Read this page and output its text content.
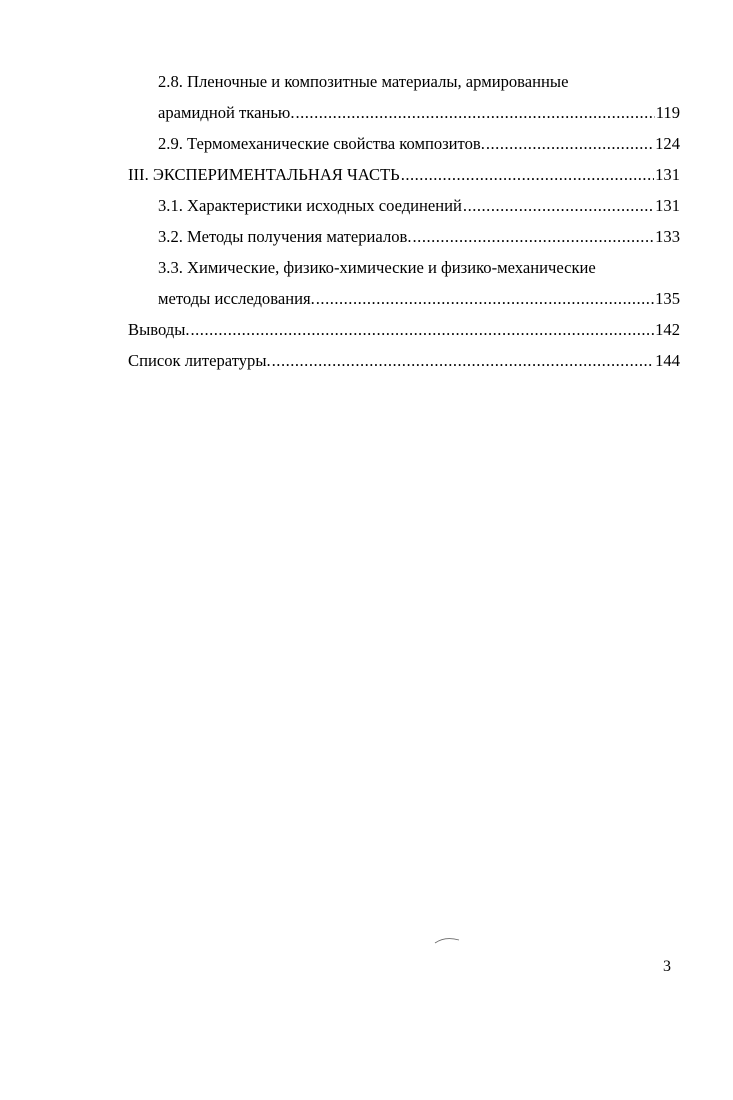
2.8. Пленочные и композитные материалы, армированные
арамидной тканью. .....	119
2.9. Термомеханические свойства композитов. .....	124
III. ЭКСПЕРИМЕНТАЛЬНАЯ ЧАСТЬ .....	131
3.1. Характеристики исходных соединений .....	131
3.2. Методы получения материалов. .....	133
3.3. Химические, физико-химические и физико-механические
методы исследования. .....	135
Выводы. .....	142
Список литературы. .....	144
3
